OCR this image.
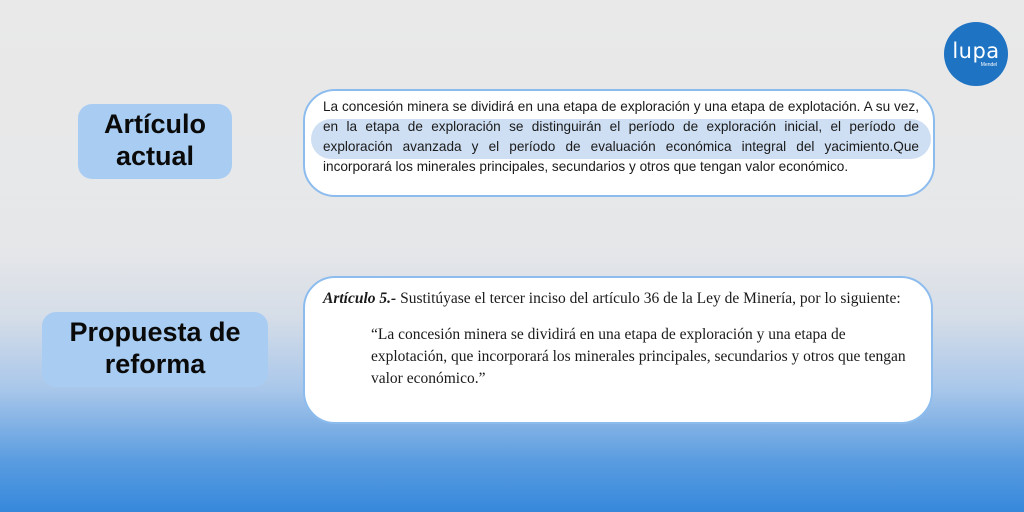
lupa
Mendel
Artículo
actual
La concesión minera se dividirá en una etapa de exploración y una etapa de explotación. A su vez, en la etapa de exploración se distinguirán el período de exploración inicial, el período de exploración avanzada y el período de evaluación económica integral del yacimiento.Que incorporará los minerales principales, secundarios y otros que tengan valor económico.
Propuesta de
reforma
Artículo 5.- Sustitúyase el tercer inciso del artículo 36 de la Ley de Minería, por lo siguiente:
“La concesión minera se dividirá en una etapa de exploración y una etapa de explotación, que incorporará los minerales principales, secundarios y otros que tengan valor económico.”
